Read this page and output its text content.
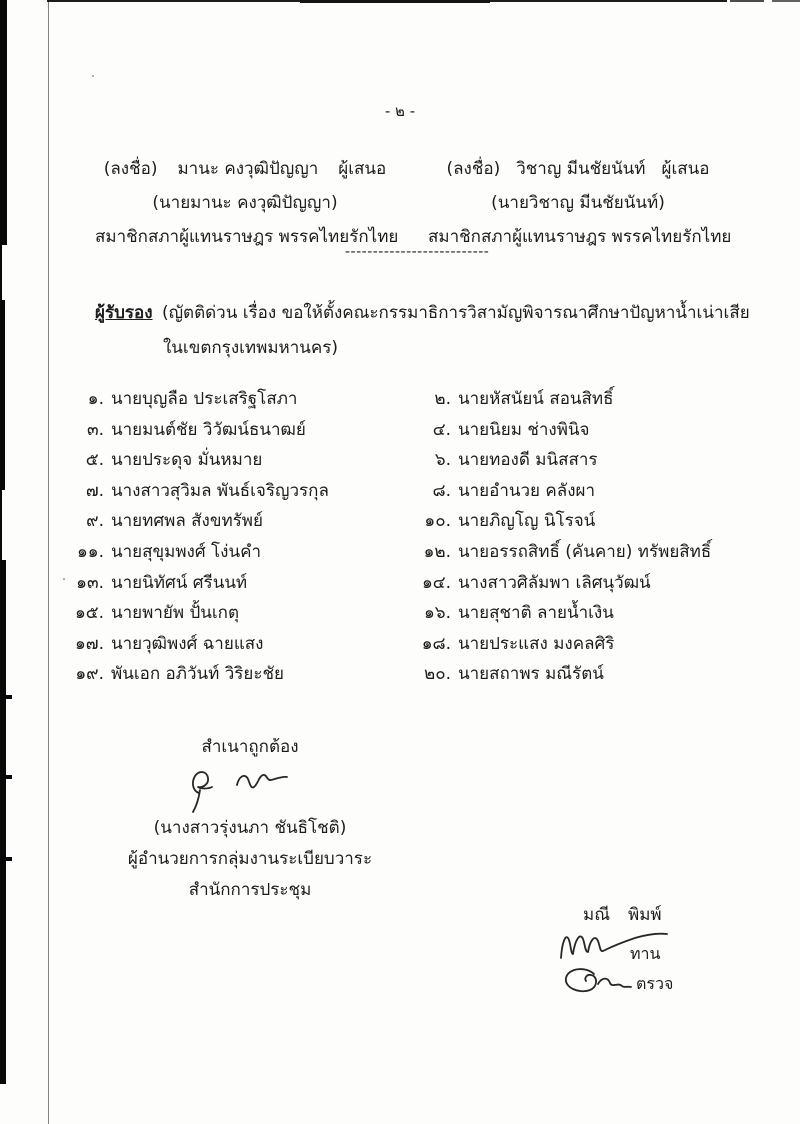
- ๒ -
(ลงชื่อ) มานะ คงวุฒิปัญญา ผู้เสนอ
(นายมานะ คงวุฒิปัญญา)
สมาชิกสภาผู้แทนราษฎร พรรคไทยรักไทย
(ลงชื่อ) วิชาญ มีนชัยนันท์ ผู้เสนอ
(นายวิชาญ มีนชัยนันท์)
สมาชิกสภาผู้แทนราษฎร พรรคไทยรักไทย
--------------------------
ผู้รับรอง (ญัตติด่วน เรื่อง ขอให้ตั้งคณะกรรมาธิการวิสามัญพิจารณาศึกษาปัญหาน้ำเน่าเสีย
ในเขตกรุงเทพมหานคร)
๑. นายบุญลือ ประเสริฐโสภา
๓. นายมนต์ชัย วิวัฒน์ธนาฒย์
๕. นายประดุจ มั่นหมาย
๗. นางสาวสุวิมล พันธ์เจริญวรกุล
๙. นายทศพล สังขทรัพย์
๑๑. นายสุขุมพงศ์ โง่นคำ
๑๓. นายนิทัศน์ ศรีนนท์
๑๕. นายพายัพ ปั้นเกตุ
๑๗. นายวุฒิพงศ์ ฉายแสง
๑๙. พันเอก อภิวันท์ วิริยะชัย
๒. นายหัสนัยน์ สอนสิทธิ์
๔. นายนิยม ช่างพินิจ
๖. นายทองดี มนิสสาร
๘. นายอำนวย คลังผา
๑๐. นายภิญโญ นิโรจน์
๑๒. นายอรรถสิทธิ์ (คันคาย) ทรัพยสิทธิ์
๑๔. นางสาวศิลัมพา เลิศนุวัฒน์
๑๖. นายสุชาติ ลายน้ำเงิน
๑๘. นายประแสง มงคลศิริ
๒๐. นายสถาพร มณีรัตน์
สำเนาถูกต้อง
(นางสาวรุ่งนภา ชันธิโชติ)
ผู้อำนวยการกลุ่มงานระเบียบวาระ
สำนักการประชุม
มณี พิมพ์
ทาน
ตรวจ
